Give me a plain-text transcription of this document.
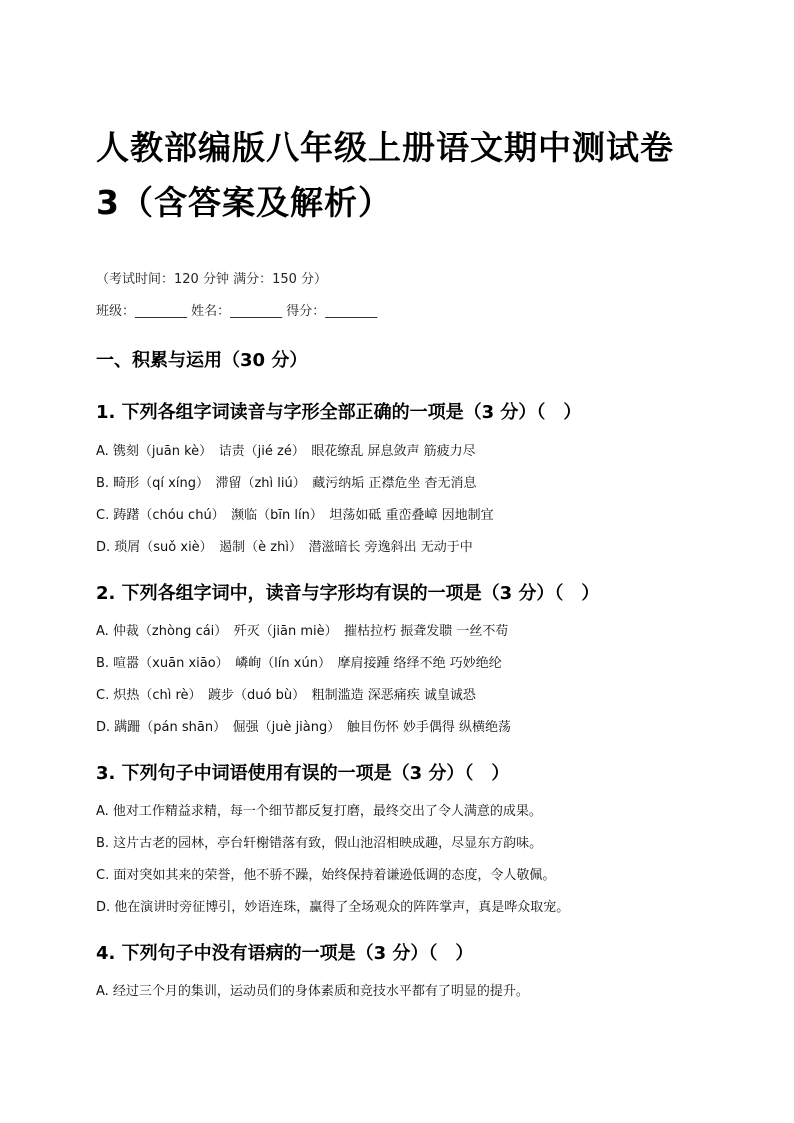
人教部编版八年级上册语文期中测试卷
3（含答案及解析）
（考试时间：120 分钟 满分：150 分）
班级：________ 姓名：________ 得分：________
一、积累与运用（30 分）
1. 下列各组字词读音与字形全部正确的一项是（3 分）（　）
A. 镌刻（juān kè）　诘责（jié zé）　眼花缭乱 屏息敛声 筋疲力尽
B. 畸形（qí xíng）　滞留（zhì liú）　藏污纳垢 正襟危坐 杳无消息
C. 踌躇（chóu chú）　濒临（bīn lín）　坦荡如砥 重峦叠嶂 因地制宜
D. 琐屑（suǒ xiè）　遏制（è zhì）　潜滋暗长 旁逸斜出 无动于中
2. 下列各组字词中，读音与字形均有误的一项是（3 分）（　）
A. 仲裁（zhòng cái）　歼灭（jiān miè）　摧枯拉朽 振聋发聩 一丝不苟
B. 喧嚣（xuān xiāo）　嶙峋（lín xún）　摩肩接踵 络绎不绝 巧妙绝纶
C. 炽热（chì rè）　踱步（duó bù）　粗制滥造 深恶痛疾 诚皇诚恐
D. 蹒跚（pán shān）　倔强（juè jiàng）　触目伤怀 妙手偶得 纵横绝荡
3. 下列句子中词语使用有误的一项是（3 分）（　）
A. 他对工作精益求精，每一个细节都反复打磨，最终交出了令人满意的成果。
B. 这片古老的园林，亭台轩榭错落有致，假山池沼相映成趣，尽显东方韵味。
C. 面对突如其来的荣誉，他不骄不躁，始终保持着谦逊低调的态度，令人敬佩。
D. 他在演讲时旁征博引，妙语连珠，赢得了全场观众的阵阵掌声，真是哗众取宠。
4. 下列句子中没有语病的一项是（3 分）（　）
A. 经过三个月的集训，运动员们的身体素质和竞技水平都有了明显的提升。
